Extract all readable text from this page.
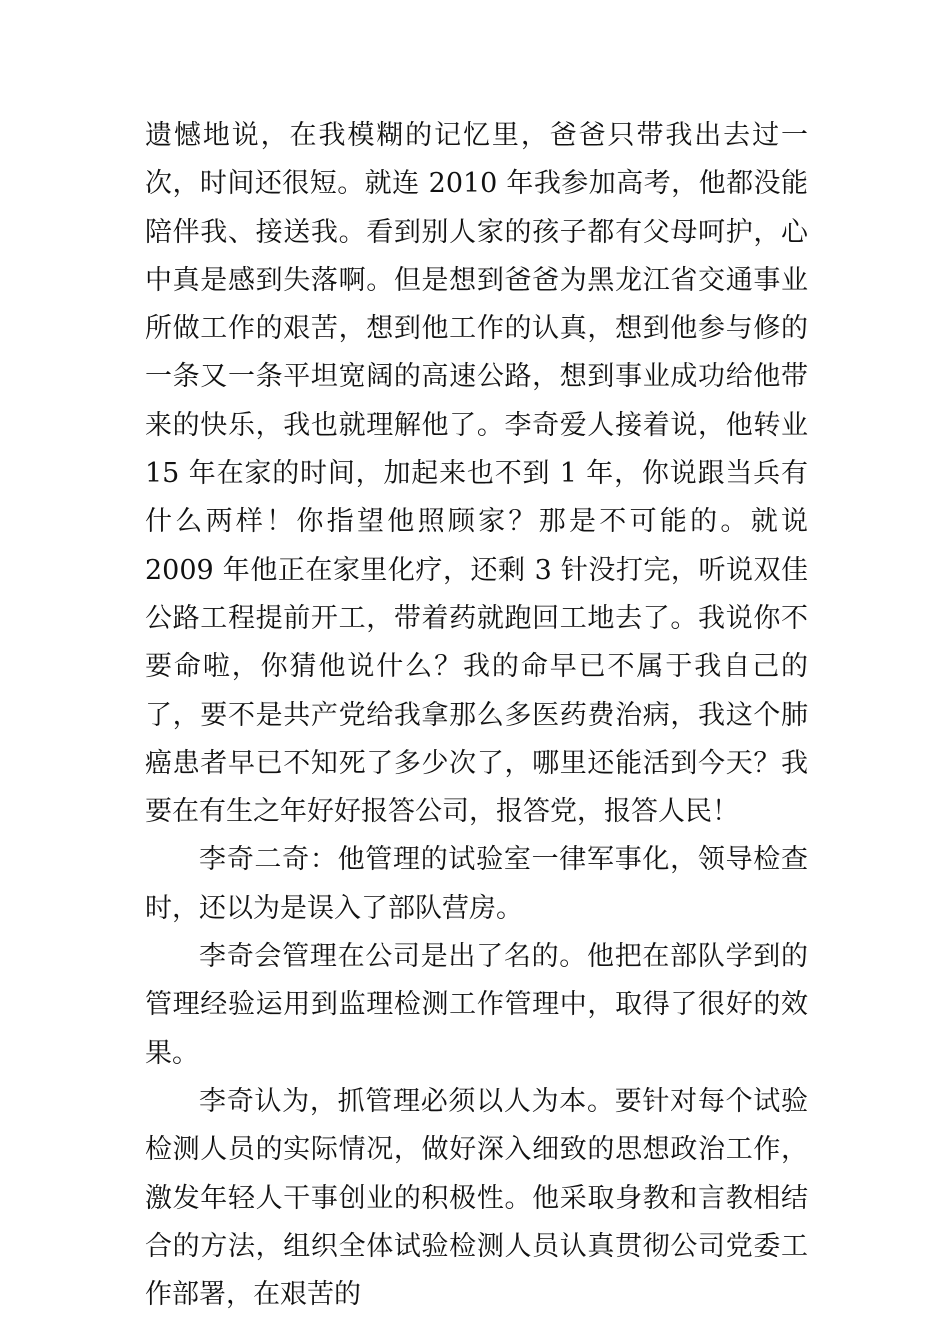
遗憾地说，在我模糊的记忆里，爸爸只带我出去过一次，时间还很短。就连 2010 年我参加高考，他都没能陪伴我、接送我。看到别人家的孩子都有父母呵护，心中真是感到失落啊。但是想到爸爸为黑龙江省交通事业所做工作的艰苦，想到他工作的认真，想到他参与修的一条又一条平坦宽阔的高速公路，想到事业成功给他带来的快乐，我也就理解他了。李奇爱人接着说，他转业 15 年在家的时间，加起来也不到 1 年，你说跟当兵有什么两样！你指望他照顾家？那是不可能的。就说 2009 年他正在家里化疗，还剩 3 针没打完，听说双佳公路工程提前开工，带着药就跑回工地去了。我说你不要命啦，你猜他说什么？我的命早已不属于我自己的了，要不是共产党给我拿那么多医药费治病，我这个肺癌患者早已不知死了多少次了，哪里还能活到今天？我要在有生之年好好报答公司，报答党，报答人民！

李奇二奇：他管理的试验室一律军事化，领导检查时，还以为是误入了部队营房。

李奇会管理在公司是出了名的。他把在部队学到的管理经验运用到监理检测工作管理中，取得了很好的效果。

李奇认为，抓管理必须以人为本。要针对每个试验检测人员的实际情况，做好深入细致的思想政治工作，激发年轻人干事创业的积极性。他采取身教和言教相结合的方法，组织全体试验检测人员认真贯彻公司党委工作部署，在艰苦的
